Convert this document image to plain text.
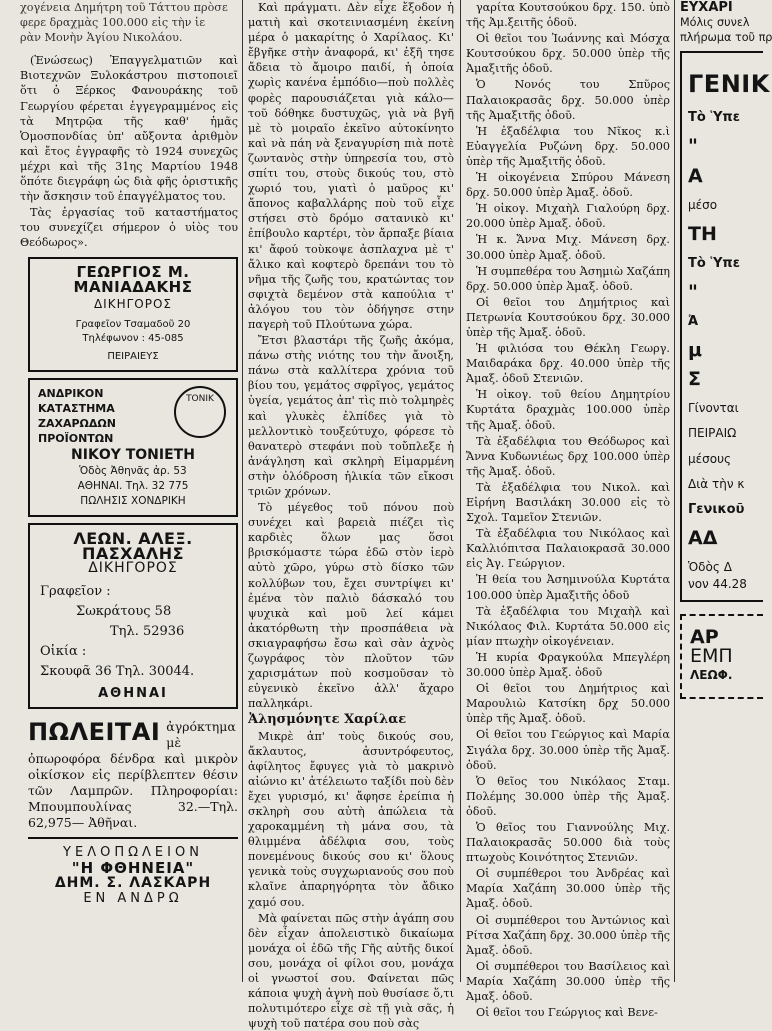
χογένεια Δημήτρη τοῦ Τάττου πρὸσε
φερε δραχμὰς 100.000 εἰς τὴν ἱε
ρὰν Μονὴν Ἁγίου Νικολάου.

(Ἑνώσεως) Ἐπαγγελματιῶν καὶ Βιοτεχνῶν Ξυλοκάστρου πιστοποιεῖ ὅτι ὁ Ξέρκος Φανουράκης τοῦ Γεωργίου φέρεται ἐγγεγραμμένος εἰς τὰ Μητρῷα τῆς καθ' ἡμᾶς Ὁμοσπονδίας ὑπ' αὔξοντα ἀριθμὸν καὶ ἔτος ἐγγραφῆς τὸ 1924 συνεχῶς μέχρι καὶ τῆς 31ης Μαρτίου 1948 ὅπότε διεγράφη ὡς διὰ φῆς ὁριστικῆς τὴν ἄσκησιν τοῦ ἐπαγγέλματος του.

Τὰς ἐργασίας τοῦ καταστήματος του συνεχίζει σήμερον ὁ υἱὸς του Θεόδωρος».

ΓΕΩΡΓΙΟΣ Μ. ΜΑΝΙΑΔΑΚΗΣ
ΔΙΚΗΓΟΡΟΣ
Γραφεῖον Τσαμαδοῦ 20
Τηλέφωνον : 45-085
ΠΕΙΡΑΙΕΥΣ
ΤΟΝΙΚ
ΑΝΔΡΙΚΟΝ
ΚΑΤΑΣΤΗΜΑ
ΖΑΧΑΡΩΔΩΝ
ΠΡΟΪΟΝΤΩΝ
ΝΙΚΟΥ ΤΟΝΙΕΤΗ
Ὁδὸς Ἀθηνᾶς ἀρ. 53
ΑΘΗΝΑΙ. Τηλ. 32 775
ΠΩΛΗΣΙΣ ΧΟΝΔΡΙΚΗ
ΛΕΩΝ. ΑΛΕΞ. ΠΑΣΧΑΛΗΣ
ΔΙΚΗΓΟΡΟΣ
Γραφεῖον :
Σωκράτους 58
Τηλ. 52936
Οἰκία :
Σκουφᾶ 36 Τηλ. 30044.
ΑΘΗΝΑΙ
ΠΩΛΕΙΤΑΙ ἀγρόκτημα μὲ ὀπωροφόρα δένδρα καὶ μικρὸν οἰκίσκον εἰς περίβλεπτεν θέσιν τῶν Λαμπρῶν. Πληροφορίαι: Μπουμπουλίνας 32.—Τηλ. 62,975— Ἀθῆναι.
ΥΕΛΟΠΩΛΕΙΟΝ
"Η ΦΘΗΝΕΙΑ"
ΔΗΜ. Σ. ΛΑΣΚΑΡΗ
ΕΝ ΑΝΔΡΩ

Καὶ πράγματι. Δὲν εἶχε ἔξοδον ἡ ματιὴ καὶ σκοτεινιασμένη ἐκείνη μέρα ὁ μακαρίτης ὁ Χαρίλαος. Κι' ἔβγῆκε στὴν ἀναφορά, κι' ἐξῆ τησε ἄδεια τὸ ἄμοιρο παιδί, ἡ ὁποία χωρὶς κανένα ἐμπόδιο—ποὺ πολλὲς φορὲς παρουσιάζεται γιὰ κάλο—τοῦ δόθηκε δυστυχῶς, γιὰ νὰ βγῆ μὲ τὸ μοιραῖο ἐκεῖνο αὐτοκίνητο καὶ νὰ πάη νὰ ξεναγυρίση πιὰ ποτὲ ζωντανὸς στὴν ὑπηρεσία του, στὸ σπίτι του, στοὺς δικούς του, στὸ χωριό του, γιατὶ ὁ μαῦρος κι' ἄπονος καβαλλάρης ποὺ τοῦ εἶχε στήσει στὸ δρόμο σατανικὸ κι' ἐπίβουλο καρτέρι, τὸν ἄρπαξε βίαια κι' ἄφού τοὺκοψε ἀσπλαχνα μὲ τ' ἄλικο καὶ κοφτερὸ δρεπάνι του τὸ νῆμα τῆς ζωῆς του, κρατώντας τον σφιχτὰ δεμένον στὰ καπούλια τ' ἀλόγου του τὸν ὁδήγησε στην παγερὴ τοῦ Πλούτωνα χώρα.

Ἔτσι βλαστάρι τῆς ζωῆς ἀκόμα, πάνω στὴς νιότης του τὴν ἄνοιξη, πάνω στὰ καλλίτερα χρόνια τοῦ βίου του, γεμάτος σφρῖγος, γεμάτος ὑγεία, γεμάτος ἀπ' τὶς πιὸ τολμηρὲς καὶ γλυκὲς ἐλπίδες γιὰ τὸ μελλοντικὸ τουξεύτυχο, φόρεσε τὸ θανατερὸ στεφάνι ποὺ τοὔπλεξε ἡ ἀνάγληση καὶ σκληρὴ Εἱμαρμένη στὴν ὁλόδροση ἡλικία τῶν εἴκοσι τριῶν χρόνων.

Τὸ μέγεθος τοῦ πόνου ποὺ συνέχει καὶ βαρειὰ πιέζει τὶς καρδιὲς ὅλων μας ὅσοι βρισκόμαστε τώρα ἐδῶ στὸν ἱερὸ αὐτὸ χῶρο, γύρω στὸ δίσκο τῶν κολλύβων του, ἔχει συντρίψει κι' ἐμένα τὸν παλιὸ δάσκαλό του ψυχικὰ καὶ μοῦ λεί κάμει ἀκατόρθωτη τὴν προσπάθεια νὰ σκιαγραφήσω ἔσω καὶ σὰν ἀχνὸς ζωγράφος τὸν πλοῦτον τῶν χαρισμάτων ποὺ κοσμοῦσαν τὸ εὐγενικὸ ἐκεῖνο ἀλλ' ἄχαρο παλληκάρι.

Ἀλησμόνητε Χαρίλαε

Μικρὲ ἀπ' τοὺς δικούς σου, ἄκλαυτος, ἀσυντρόφευτος, ἀφίλητος ἔφυγες γιὰ τὸ μακρινὸ αἰώνιο κι' ἀτέλειωτο ταξίδι ποὺ δὲν ἔχει γυρισμό, κι' ἄφησε ἐρείπια ἡ σκληρὴ σου αὐτὴ ἀπώλεια τὰ χαροκαμμένη τὴ μάνα σου, τὰ θλιμμένα ἀδέλφια σου, τοὺς πονεμένους δικούς σου κι' ὅλους γενικὰ τοὺς συγχωριανούς σου ποὺ κλαῖνε ἀπαρηγόρητα τὸν ἄδικο χαμό σου.

Μὰ φαίνεται πῶς στὴν ἀγάπη σου δὲν εἶχαν ἀπολειστικὸ δικαίωμα μονάχα οἱ ἐδῶ τῆς Γῆς αὐτῆς δικοί σου, μονάχα οἱ φίλοι σου, μονάχα οἱ γνωστοί σου. Φαίνεται πῶς κάποια ψυχὴ ἁγνὴ ποὺ θυσίασε ὅ,τι πολυτιμότερο εἶχε σὲ τῇ γιὰ σᾶς, ἡ ψυχὴ τοῦ πατέρα σου ποὺ σὰς

γαρίτα Κουτσούκου δρχ. 150. ὑπὸ τῆς Ἀμ.ξειτῆς ὁδοῦ.

Οἱ θεῖοι του Ἰωάννης καὶ Μόσχα Κουτσούκου δρχ. 50.000 ὑπὲρ τῆς Ἀμαξιτῆς ὁδοῦ.

Ὁ Νονός του Σπῦρος Παλαιοκρασᾶς δρχ. 50.000 ὑπὲρ τῆς Ἀμαξιτῆς ὁδοῦ.

Ἡ ἐξαδέλφια του Νῖκος κ.ὶ Εὐαγγελία Ρυζώνη δρχ. 50.000 ὑπὲρ τῆς Ἀμαξιτῆς ὁδοῦ.

Ἡ οἰκογένεια Σπύρου Μάνεση δρχ. 50.000 ὑπὲρ Ἀμαξ. ὁδοῦ.

Ἡ οἰκογ. Μιχαὴλ Γιαλούρη δρχ. 20.000 ὑπὲρ Ἀμαξ. ὁδοῦ.

Ἡ κ. Ἄννα Μιχ. Μάνεση δρχ. 30.000 ὑπὲρ Ἀμαξ. ὁδοῦ.

Ἡ συμπεθέρα του Ἀσημιὼ Χαζάπη δρχ. 50.000 ὑπὲρ Ἀμαξ. ὁδοῦ.

Οἱ θεῖοι του Δημήτριος καὶ Πετρωνία Κουτσούκου δρχ. 30.000 ὑπὲρ τῆς Ἀμαξ. ὁδοῦ.

Ἡ φιλιόσα του Θέκλη Γεωργ. Μαιδαράκα δρχ. 40.000 ὑπὲρ τῆς Ἀμαξ. ὁδοῦ Στενιῶν.

Ἡ οἰκογ. τοῦ θείου Δημητρίου Κυρτάτα δραχμὰς 100.000 ὑπὲρ τῆς Ἀμαξ. ὁδοῦ.

Τὰ ἐξαδέλφια του Θεόδωρος καὶ Ἄννα Κυδωνιέως δρχ 100.000 ὑπὲρ τῆς Ἀμαξ. ὁδοῦ.

Τὰ ἐξαδέλφια του Νικολ. καὶ Εἰρήνη Βασιλάκη 30.000 εἰς τὸ Σχολ. Ταμεῖον Στενιῶν.

Τὰ ἐξαδέλφια του Νικόλαος καὶ Καλλιόπιτσα Παλαιοκρασᾶ 30.000 εἰς Ἀγ. Γεώργιον.

Ἡ θεία του Ἀσημινούλα Κυρτάτα 100.000 ὑπὲρ Ἀμαξιτῆς ὁδοῦ

Τὰ ἐξαδέλφια του Μιχαὴλ καὶ Νικόλαος Φιλ. Κυρτάτα 50.000 εἰς μίαν πτωχὴν οἰκογένειαν.

Ἡ κυρία Φραγκούλα Μπεγλέρη 30.000 ὑπὲρ Ἀμαξ. ὁδοῦ

Οἱ θεῖοι του Δημήτριος καὶ Μαρουλιὼ Κατσίκη δρχ 50.000 ὑπὲρ τῆς Ἀμαξ. ὁδοῦ.

Οἱ θεῖοι του Γεώργιος καὶ Μαρία Σιγάλα δρχ. 30.000 ὑπὲρ τῆς Ἀμαξ. ὁδοῦ.

Ὁ θεῖος του Νικόλαος Σταμ. Πολέμης 30.000 ὑπὲρ τῆς Ἀμαξ. ὁδοῦ.

Ὁ θεῖος του Γιαννούλης Μιχ. Παλαιοκρασᾶς 50.000 διὰ τοὺς πτωχοὺς Κοινότητος Στενιῶν.

Οἱ συμπέθεροι του Ἀνδρέας καὶ Μαρία Χαζάπη 30.000 ὑπὲρ τῆς Ἀμαξ. ὁδοῦ.

Οἱ συμπέθεροι του Ἀντώνιος καὶ Ρίτσα Χαζάπη δρχ. 30.000 ὑπὲρ τῆς Ἀμαξ. ὁδοῦ.

Οἱ συμπέθεροι του Βασίλειος καὶ Μαρία Χαζάπη 30.000 ὑπὲρ τῆς Ἀμαξ. ὁδοῦ.

Οἱ θεῖοι του Γεώργιος καὶ Βενε-

ΕΥΧΑΡΙ
Μόλις συνελ
πλήρωμα τοῦ πρ
ΓΕΝΙΚ
Τὸ Ὑπε
"
Α
μέσο
ΤΗ
Τὸ Ὑπε
"
Ἀ
μ
Σ
Γίνονται
ΠΕΙΡΑΙΩ
μέσους
Διὰ τὴν κ
Γενικοῦ
ΑΔ
Ὁδὸς Δ
νον 44.28
ΑΡ
ΕΜΠ
ΛΕΩΦ.
